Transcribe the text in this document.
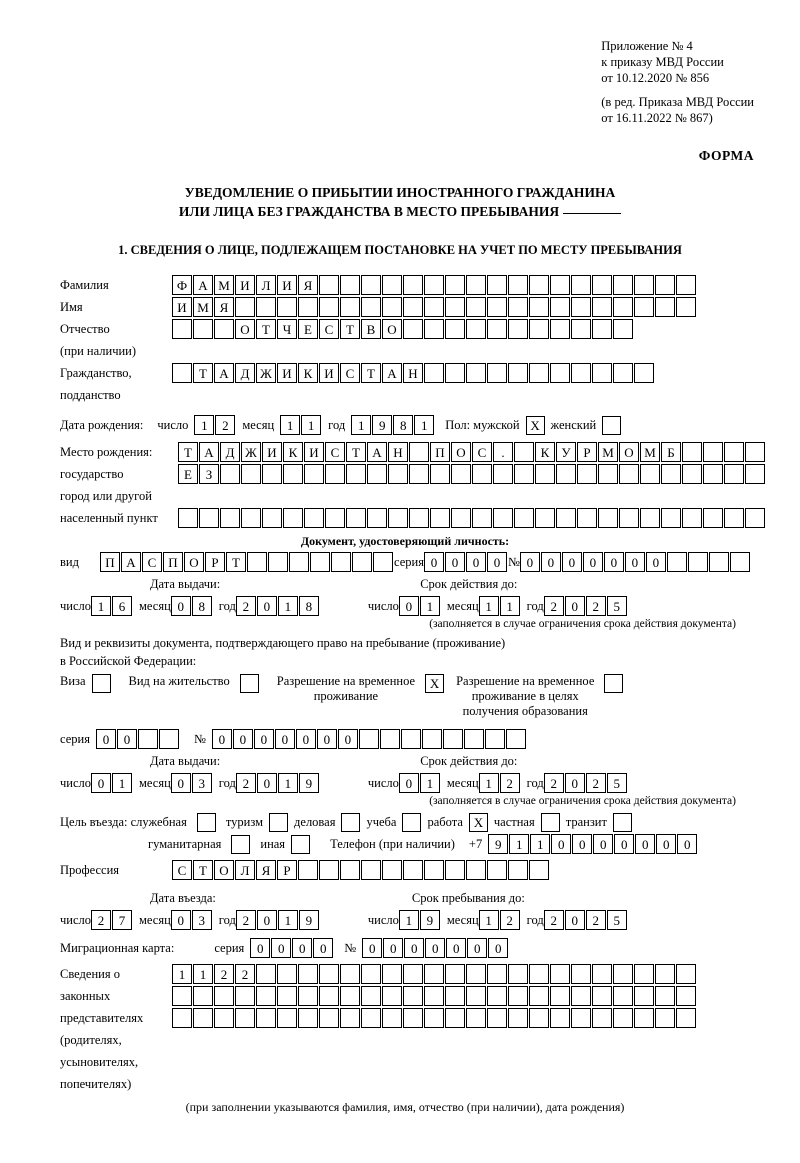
Приложение № 4
к приказу МВД России
от 10.12.2020 № 856
(в ред. Приказа МВД России
от 16.11.2022 № 867)
ФОРМА
УВЕДОМЛЕНИЕ О ПРИБЫТИИ ИНОСТРАННОГО ГРАЖДАНИНА
ИЛИ ЛИЦА БЕЗ ГРАЖДАНСТВА В МЕСТО ПРЕБЫВАНИЯ
1. СВЕДЕНИЯ О ЛИЦЕ, ПОДЛЕЖАЩЕМ ПОСТАНОВКЕ НА УЧЕТ ПО МЕСТУ ПРЕБЫВАНИЯ
Фамилия	Ф А М И Л И Я
Имя	И М Я
Отчество	О Т Ч Е С Т В О
(при наличии)
Гражданство,	Т А Д Ж И К И С Т А Н
подданство
Дата рождения: число 1	2	месяц 1	1	год 1	9	8	1	Пол: мужской X женский
Место рождения:	Т А Д Ж И К И С Т А Н	П О С	.	К У Р М О М Б
государство	Е	З
город или другой
населенный пункт
Документ, удостоверяющий личность:
вид	П А С П О Р	Т	серия 0	0	0	0 № 0	0	0	0	0	0	0
Дата выдачи:	Срок действия до:
число 1	6	месяц 0	8	год 2	0	1	8	число 0	1	месяц 1	1	год 2	0	2	5
(заполняется в случае ограничения срока действия документа)
Вид и реквизиты документа, подтверждающего право на пребывание (проживание)
в Российской Федерации:
Виза	Вид на жительство	Разрешение на временное
проживание
X	Разрешение на временное
проживание в целях
получения образования
серия 0	0	№ 0	0	0	0	0	0	0
Дата выдачи:	Срок действия до:
число 0	1	месяц 0	3	год 2	0	1	9	число 0	1	месяц 1	2	год 2	0	2	5
(заполняется в случае ограничения срока действия документа)
Цель въезда: служебная	туризм деловая учеба работа X частная транзит
гуманитарная	иная	Телефон (при наличии) +7 9	1	1	0	0	0	0	0	0	0
Профессия	С Т О Л Я	Р
Дата въезда:	Срок пребывания до:
число 2	7	месяц 0	3	год 2	0	1	9	число 1	9	месяц 1	2	год 2	0	2	5
Миграционная карта:	серия 0	0	0	0	№ 0	0	0	0	0	0	0
Сведения о	1	1	2	2
законных
представителях
(родителях,
усыновителях,
попечителях)
(при заполнении указываются фамилия, имя, отчество (при наличии), дата рождения)
